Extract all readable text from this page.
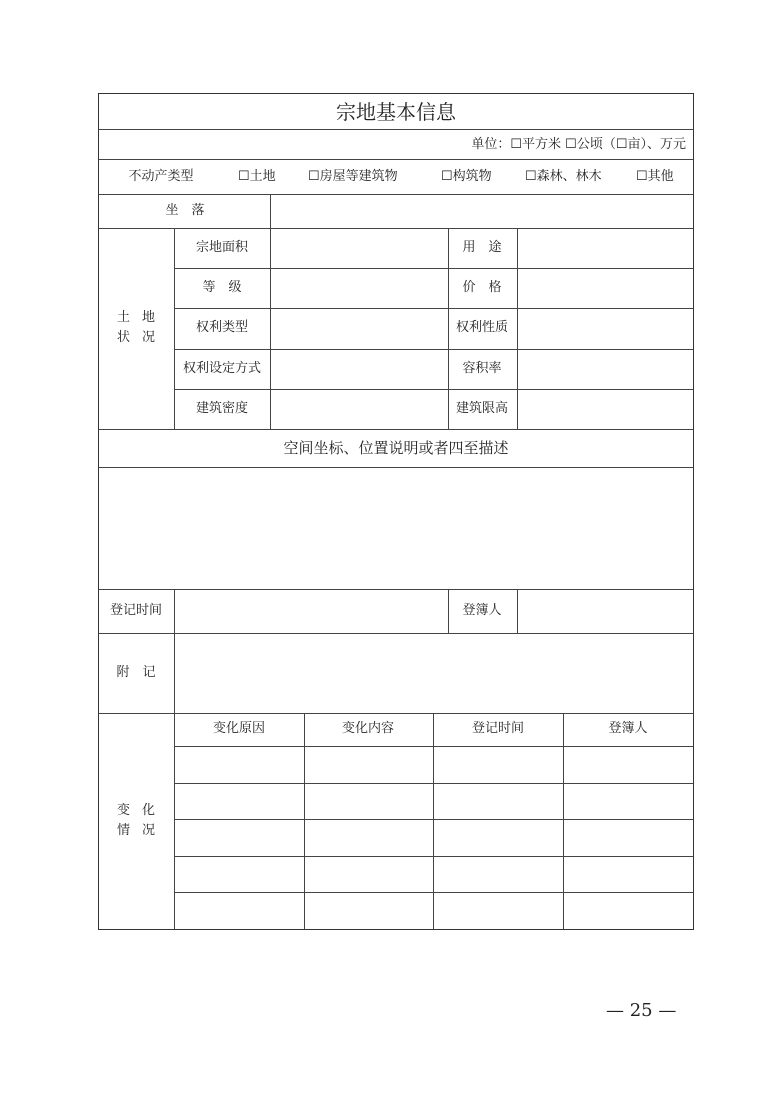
宗地基本信息
单位：☐平方米 ☐公顷（☐亩）、万元
不动产类型	☐土地 ☐房屋等建筑物	☐构筑物	☐森林、林木	☐其他
坐　落
土地
状况
宗地面积	用　途
等　级	价　格
权利类型	权利性质
权利设定方式	容积率
建筑密度	建筑限高
空间坐标、位置说明或者四至描述
登记时间	登簿人
附　记
变化
情况
变化原因	变化内容	登记时间	登簿人
— 25 —
